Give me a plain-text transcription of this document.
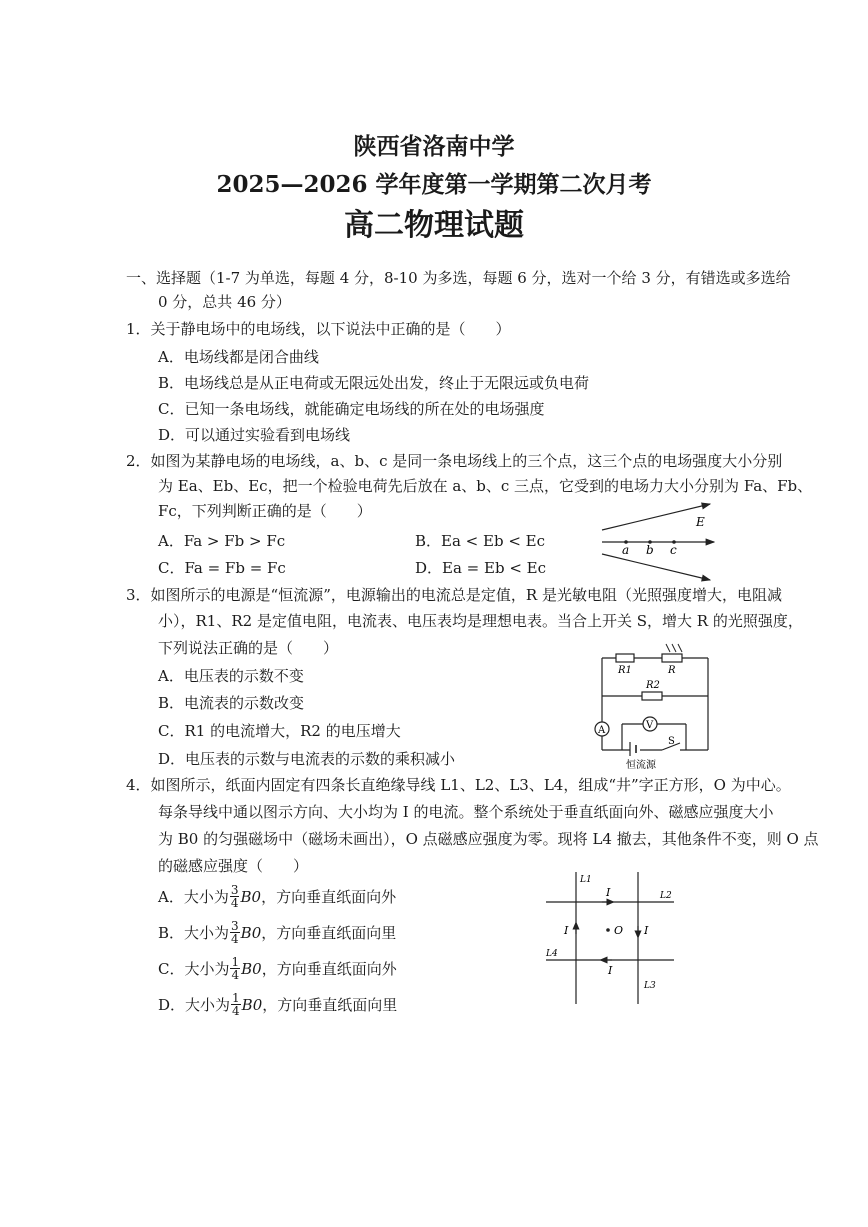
陕西省洛南中学
2025—2026 学年度第一学期第二次月考
高二物理试题
一、选择题（1-7 为单选，每题 4 分，8-10 为多选，每题 6 分，选对一个给 3 分，有错选或多选给
0 分，总共 46 分）
1．关于静电场中的电场线，以下说法中正确的是（　　）
A．电场线都是闭合曲线
B．电场线总是从正电荷或无限远处出发，终止于无限远或负电荷
C．已知一条电场线，就能确定电场线的所在处的电场强度
D．可以通过实验看到电场线
2．如图为某静电场的电场线，a、b、c 是同一条电场线上的三个点，这三个点的电场强度大小分别
为 Ea、Eb、Ec，把一个检验电荷先后放在 a、b、c 三点，它受到的电场力大小分别为 Fa、Fb、
Fc，下列判断正确的是（　　）
A．Fa > Fb > Fc	B．Ea < Eb < Ec
C．Fa = Fb = Fc	D．Ea = Eb < Ec
E
a b c
3．如图所示的电源是“恒流源”，电源输出的电流总是定值，R 是光敏电阻（光照强度增大，电阻减
小），R1、R2 是定值电阻，电流表、电压表均是理想电表。当合上开关 S，增大 R 的光照强度，
下列说法正确的是（　　）
A．电压表的示数不变
B．电流表的示数改变
C．R1 的电流增大，R2 的电压增大
D．电压表的示数与电流表的示数的乘积减小
R1	R
R2
A	V
S
恒流源
4．如图所示，纸面内固定有四条长直绝缘导线 L1、L2、L3、L4，组成“井”字正方形，O 为中心。
每条导线中通以图示方向、大小均为 I 的电流。整个系统处于垂直纸面向外、磁感应强度大小
为 B0 的匀强磁场中（磁场未画出），O 点磁感应强度为零。现将 L4 撤去，其他条件不变，则 O 点
的磁感应强度（　　）
A．大小为 $\frac{3}{4} B0$ ，方向垂直纸面向外
B．大小为 $\frac{3}{4} B0$ ，方向垂直纸面向里
C．大小为 $\frac{1}{4} B0$ ，方向垂直纸面向外
D．大小为 $\frac{1}{4} B0$ ，方向垂直纸面向里
O
L1
L2
L3
L4
I
I	I
I
